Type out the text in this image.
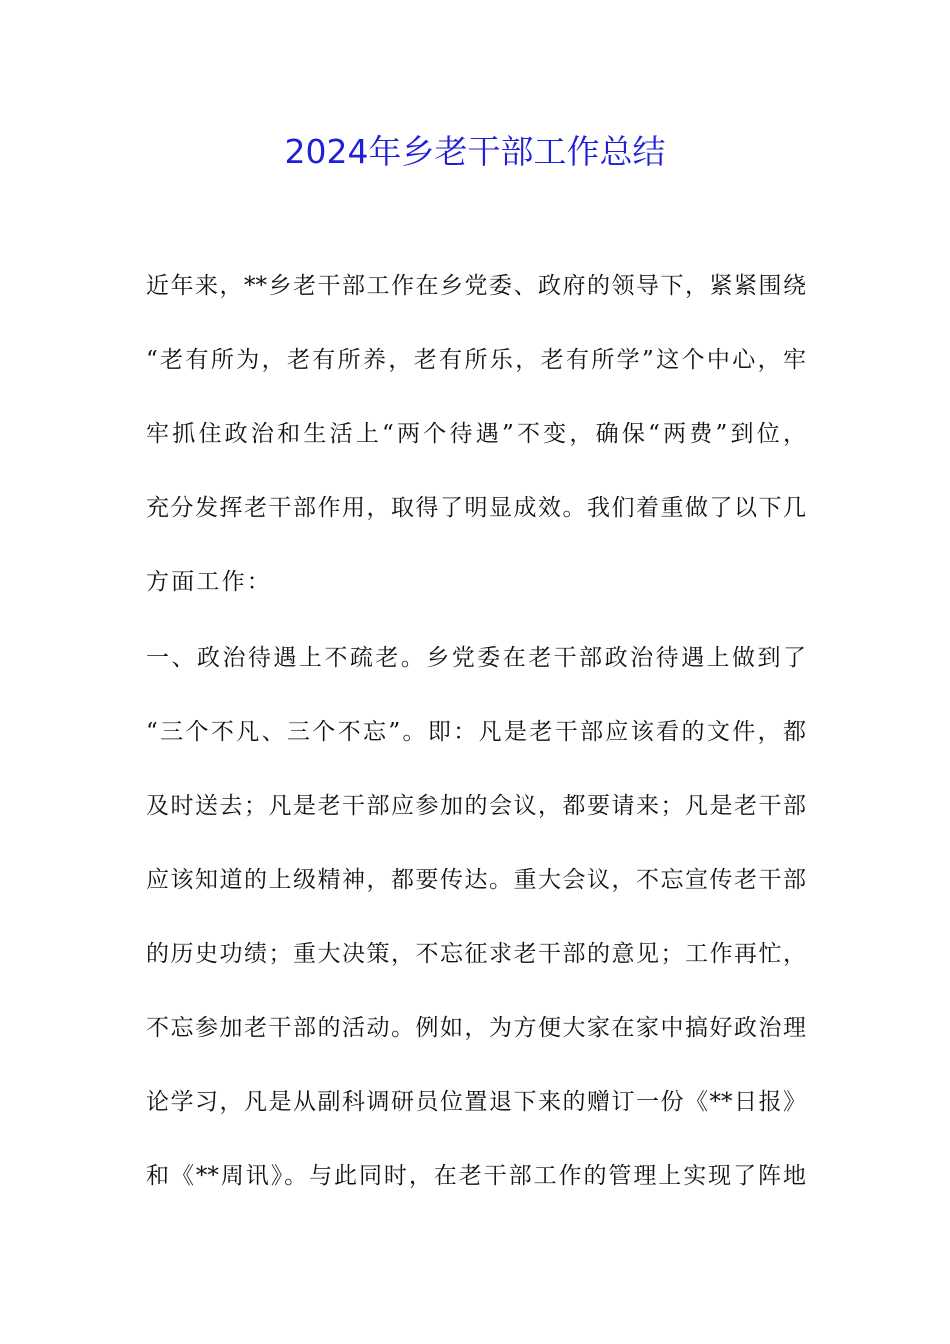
2024年乡老干部工作总结
近年来，**乡老干部工作在乡党委、政府的领导下，紧紧围绕
“老有所为，老有所养，老有所乐，老有所学”这个中心，牢
牢抓住政治和生活上“两个待遇”不变，确保“两费”到位，
充分发挥老干部作用，取得了明显成效。我们着重做了以下几
方面工作：
一、政治待遇上不疏老。乡党委在老干部政治待遇上做到了
“三个不凡、三个不忘”。即：凡是老干部应该看的文件，都
及时送去；凡是老干部应参加的会议，都要请来；凡是老干部
应该知道的上级精神，都要传达。重大会议，不忘宣传老干部
的历史功绩；重大决策，不忘征求老干部的意见；工作再忙，
不忘参加老干部的活动。例如，为方便大家在家中搞好政治理
论学习，凡是从副科调研员位置退下来的赠订一份《**日报》
和《**周讯》。与此同时，在老干部工作的管理上实现了阵地
